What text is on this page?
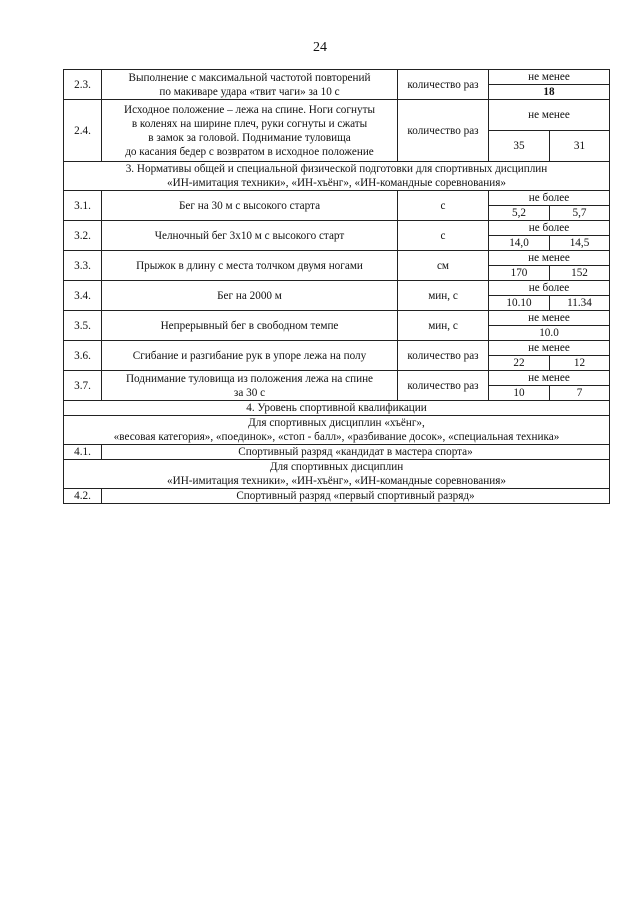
24
2.3.	Выполнение с максимальной частотой повторений
по макиваре удара «твит чаги» за 10 с	количество раз	не менее	
			18	
2.4.	Исходное положение – лежа на спине. Ноги согнуты
в коленях на ширине плеч, руки согнуты и сжаты
в замок за головой. Поднимание туловища
до касания бедер с возвратом в исходное положение	количество раз	не менее	
			35	31

3. Нормативы общей и специальной физической подготовки для спортивных дисциплин
«ИН-имитация техники», «ИН-хъёнг», «ИН-командные соревнования»				

3.1.	Бег на 30 м с высокого старта	с	не более	
			5,2	5,7
3.2.	Челночный бег 3х10 м с высокого старт	с	не более	
			14,0	14,5
3.3.	Прыжок в длину с места толчком двумя ногами	см	не менее	
			170	152
3.4.	Бег на 2000 м	мин, с	не более	
			10.10	11.34
3.5.	Непрерывный бег в свободном темпе	мин, с	не менее	
			10.0	
3.6.	Сгибание и разгибание рук в упоре лежа на полу	количество раз	не менее	
			22	12
3.7.	Поднимание туловища из положения лежа на спине
за 30 с	количество раз	не менее	
			10	7
4. Уровень спортивной квалификации				

Для спортивных дисциплин «хъёнг»,
«весовая категория», «поединок», «стоп - балл», «разбивание досок», «специальная техника»				

4.1.	Спортивный разряд «кандидат в мастера спорта»			

Для спортивных дисциплин
«ИН-имитация техники», «ИН-хъёнг», «ИН-командные соревнования»				

4.2.	Спортивный разряд «первый спортивный разряд»			
